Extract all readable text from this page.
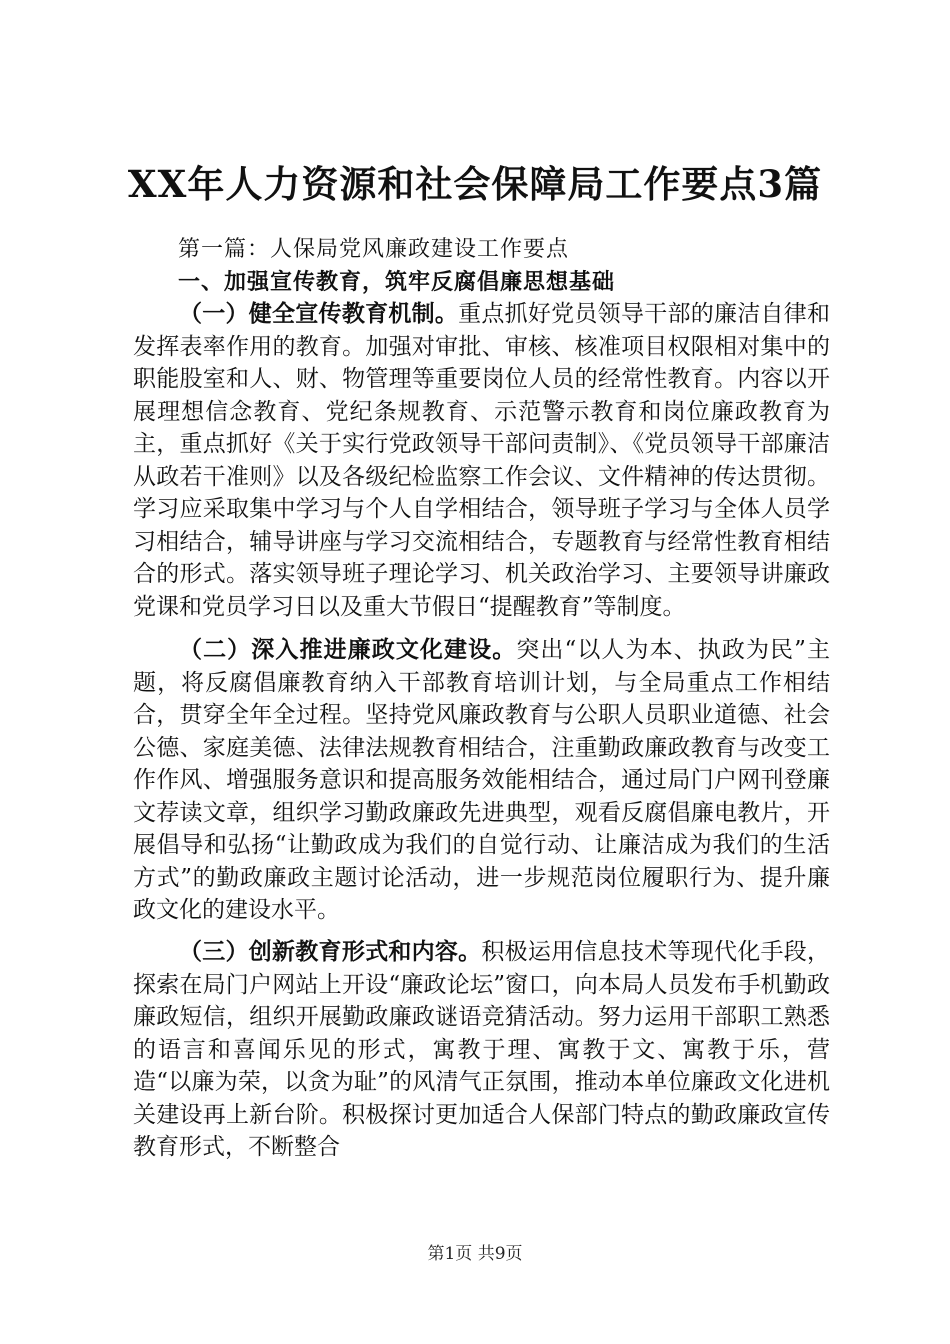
XX年人力资源和社会保障局工作要点3篇
第一篇：人保局党风廉政建设工作要点
一、加强宣传教育，筑牢反腐倡廉思想基础

（一）健全宣传教育机制。重点抓好党员领导干部的廉洁自律和发挥表率作用的教育。加强对审批、审核、核准项目权限相对集中的职能股室和人、财、物管理等重要岗位人员的经常性教育。内容以开展理想信念教育、党纪条规教育、示范警示教育和岗位廉政教育为主，重点抓好《关于实行党政领导干部问责制》、《党员领导干部廉洁从政若干准则》以及各级纪检监察工作会议、文件精神的传达贯彻。学习应采取集中学习与个人自学相结合，领导班子学习与全体人员学习相结合，辅导讲座与学习交流相结合，专题教育与经常性教育相结合的形式。落实领导班子理论学习、机关政治学习、主要领导讲廉政党课和党员学习日以及重大节假日“提醒教育”等制度。

（二）深入推进廉政文化建设。突出“以人为本、执政为民”主题，将反腐倡廉教育纳入干部教育培训计划，与全局重点工作相结合，贯穿全年全过程。坚持党风廉政教育与公职人员职业道德、社会公德、家庭美德、法律法规教育相结合，注重勤政廉政教育与改变工作作风、增强服务意识和提高服务效能相结合，通过局门户网刊登廉文荐读文章，组织学习勤政廉政先进典型，观看反腐倡廉电教片，开展倡导和弘扬“让勤政成为我们的自觉行动、让廉洁成为我们的生活方式”的勤政廉政主题讨论活动，进一步规范岗位履职行为、提升廉政文化的建设水平。

（三）创新教育形式和内容。积极运用信息技术等现代化手段，探索在局门户网站上开设“廉政论坛”窗口，向本局人员发布手机勤政廉政短信，组织开展勤政廉政谜语竞猜活动。努力运用干部职工熟悉的语言和喜闻乐见的形式，寓教于理、寓教于文、寓教于乐，营造“以廉为荣，以贪为耻”的风清气正氛围，推动本单位廉政文化进机关建设再上新台阶。积极探讨更加适合人保部门特点的勤政廉政宣传教育形式，不断整合

第1页 共9页
